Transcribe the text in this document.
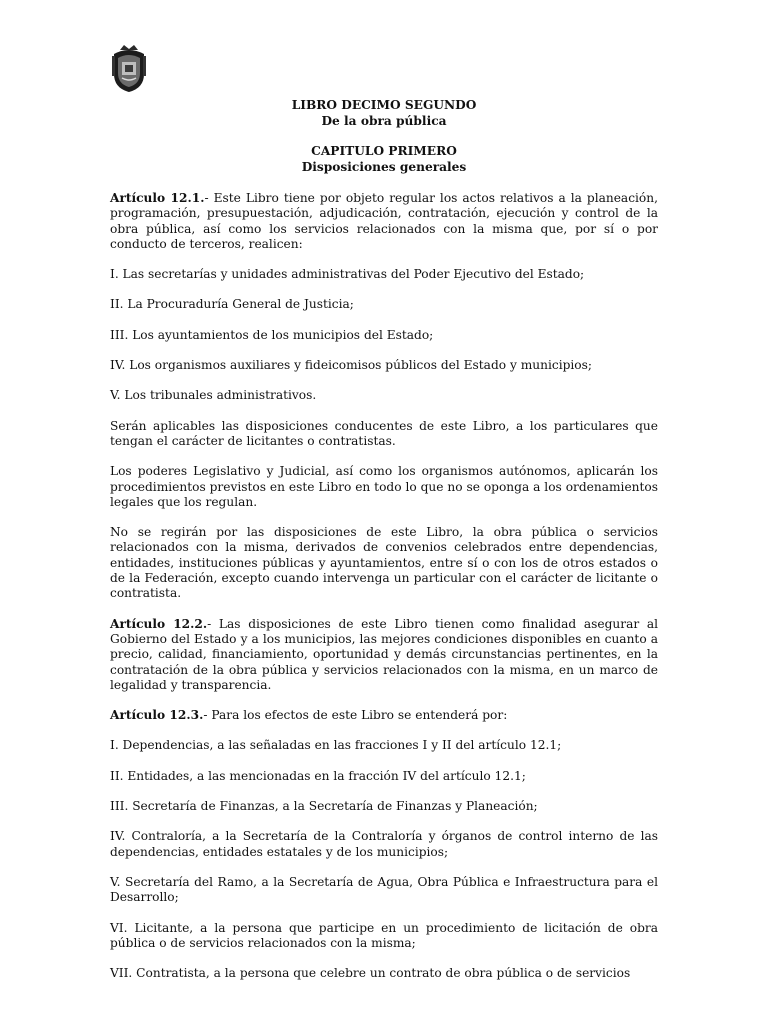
LIBRO DECIMO SEGUNDO
De la obra pública
CAPITULO PRIMERO
Disposiciones generales

Artículo 12.1.- Este Libro tiene por objeto regular los actos relativos a la planeación, programación, presupuestación, adjudicación, contratación, ejecución y control de la obra pública, así como los servicios relacionados con la misma que, por sí o por conducto de terceros, realicen:

I. Las secretarías y unidades administrativas del Poder Ejecutivo del Estado;

II. La Procuraduría General de Justicia;

III. Los ayuntamientos de los municipios del Estado;

IV. Los organismos auxiliares y fideicomisos públicos del Estado y municipios;

V. Los tribunales administrativos.

Serán aplicables las disposiciones conducentes de este Libro, a los particulares que tengan el carácter de licitantes o contratistas.

Los poderes Legislativo y Judicial, así como los organismos autónomos, aplicarán los procedimientos previstos en este Libro en todo lo que no se oponga a los ordenamientos legales que los regulan.

No se regirán por las disposiciones de este Libro, la obra pública o servicios relacionados con la misma, derivados de convenios celebrados entre dependencias, entidades, instituciones públicas y ayuntamientos, entre sí o con los de otros estados o de la Federación, excepto cuando intervenga un particular con el carácter de licitante o contratista.

Artículo 12.2.- Las disposiciones de este Libro tienen como finalidad asegurar al Gobierno del Estado y a los municipios, las mejores condiciones disponibles en cuanto a precio, calidad, financiamiento, oportunidad y demás circunstancias pertinentes, en la contratación de la obra pública y servicios relacionados con la misma, en un marco de legalidad y transparencia.

Artículo 12.3.- Para los efectos de este Libro se entenderá por:

I. Dependencias, a las señaladas en las fracciones I y II del artículo 12.1;

II. Entidades, a las mencionadas en la fracción IV del artículo 12.1;

III. Secretaría de Finanzas, a la Secretaría de Finanzas y Planeación;

IV. Contraloría, a la Secretaría de la Contraloría y órganos de control interno de las dependencias, entidades estatales y de los municipios;

V. Secretaría del Ramo, a la Secretaría de Agua, Obra Pública e Infraestructura para el Desarrollo;

VI. Licitante, a la persona que participe en un procedimiento de licitación de obra pública o de servicios relacionados con la misma;

VII. Contratista, a la persona que celebre un contrato de obra pública o de servicios
